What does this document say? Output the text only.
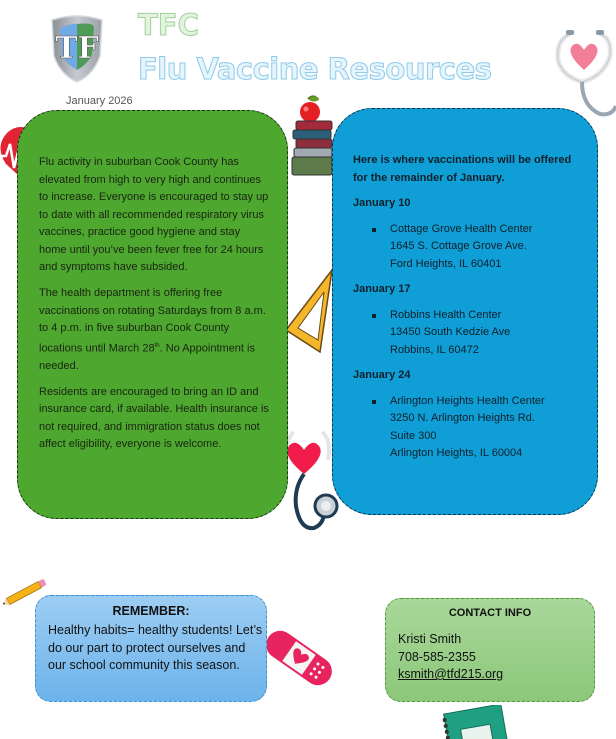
TF
TFC
Flu Vaccine Resources
January 2026

Flu activity in suburban Cook County has elevated from high to very high and continues to increase. Everyone is encouraged to stay up to date with all recommended respiratory virus vaccines, practice good hygiene and stay home until you’ve been fever free for 24 hours and symptoms have subsided.

The health department is offering free vaccinations on rotating Saturdays from 8 a.m. to 4 p.m. in five suburban Cook County locations until March 28th. No Appointment is needed.

Residents are encouraged to bring an ID and insurance card, if available. Health insurance is not required, and immigration status does not affect eligibility, everyone is welcome.

Here is where vaccinations will be offered for the remainder of January.
January 10
Cottage Grove Health Center
1645 S. Cottage Grove Ave.
Ford Heights, IL 60401
January 17
Robbins Health Center
13450 South Kedzie Ave
Robbins, IL 60472
January 24
Arlington Heights Health Center
3250 N. Arlington Heights Rd.
Suite 300
Arlington Heights, IL 60004
REMEMBER:
Healthy habits= healthy students! Let’s do our part to protect ourselves and our school community this season.
CONTACT INFO
Kristi Smith
708-585-2355
ksmith@tfd215.org
